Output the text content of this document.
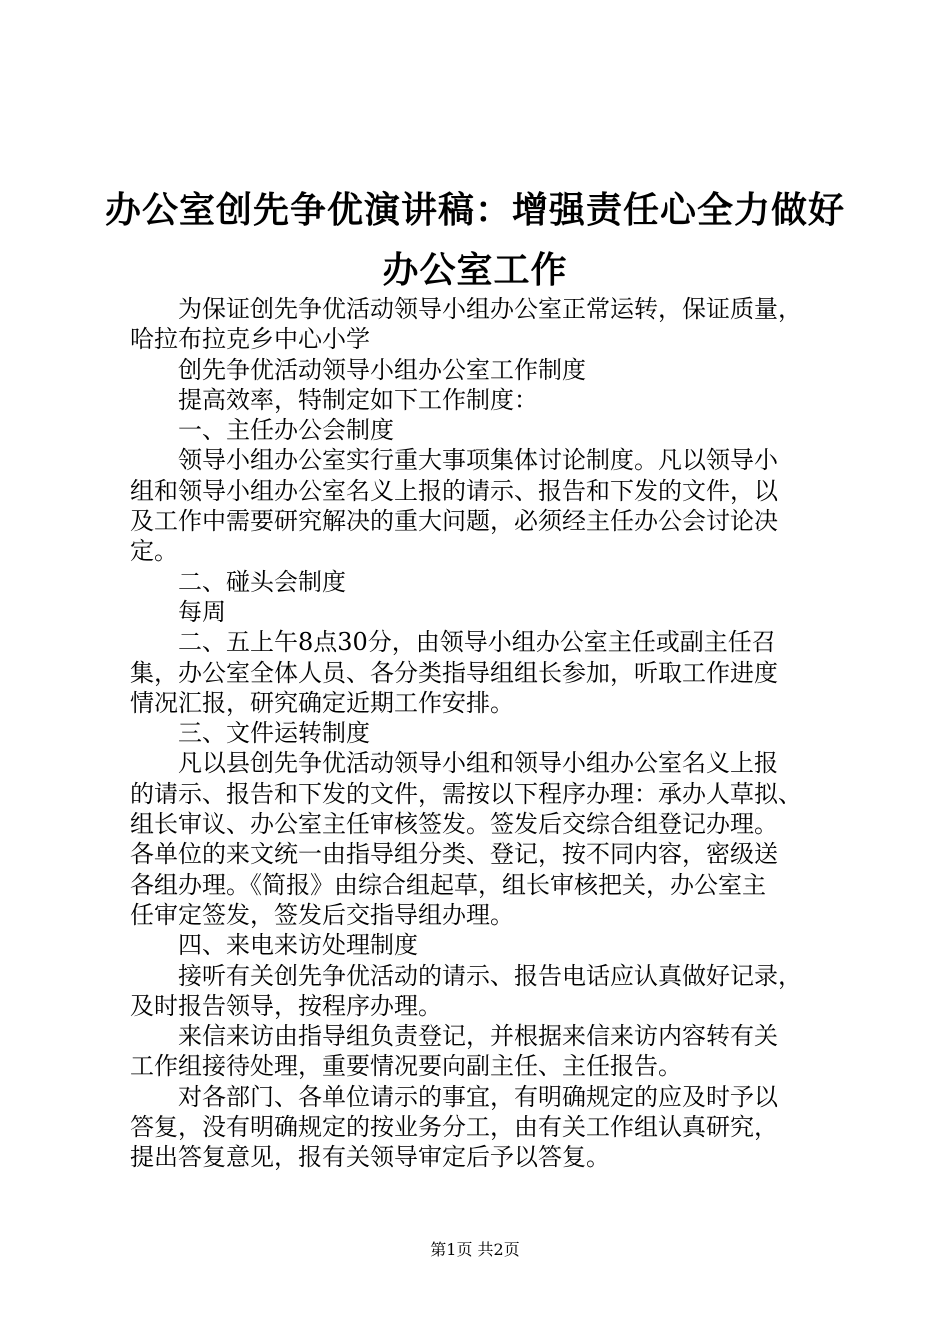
办公室创先争优演讲稿：增强责任心全力做好
办公室工作
为保证创先争优活动领导小组办公室正常运转，保证质量，
哈拉布拉克乡中心小学
创先争优活动领导小组办公室工作制度
提高效率，特制定如下工作制度：
一、主任办公会制度
领导小组办公室实行重大事项集体讨论制度。凡以领导小
组和领导小组办公室名义上报的请示、报告和下发的文件，以
及工作中需要研究解决的重大问题，必须经主任办公会讨论决
定。
二、碰头会制度
每周
二、五上午8点30分，由领导小组办公室主任或副主任召
集，办公室全体人员、各分类指导组组长参加，听取工作进度
情况汇报，研究确定近期工作安排。
三、文件运转制度
凡以县创先争优活动领导小组和领导小组办公室名义上报
的请示、报告和下发的文件，需按以下程序办理：承办人草拟、
组长审议、办公室主任审核签发。签发后交综合组登记办理。
各单位的来文统一由指导组分类、登记，按不同内容，密级送
各组办理。《简报》由综合组起草，组长审核把关，办公室主
任审定签发，签发后交指导组办理。
四、来电来访处理制度
接听有关创先争优活动的请示、报告电话应认真做好记录，
及时报告领导，按程序办理。
来信来访由指导组负责登记，并根据来信来访内容转有关
工作组接待处理，重要情况要向副主任、主任报告。
对各部门、各单位请示的事宜，有明确规定的应及时予以
答复，没有明确规定的按业务分工，由有关工作组认真研究，
提出答复意见，报有关领导审定后予以答复。
第1页 共2页
